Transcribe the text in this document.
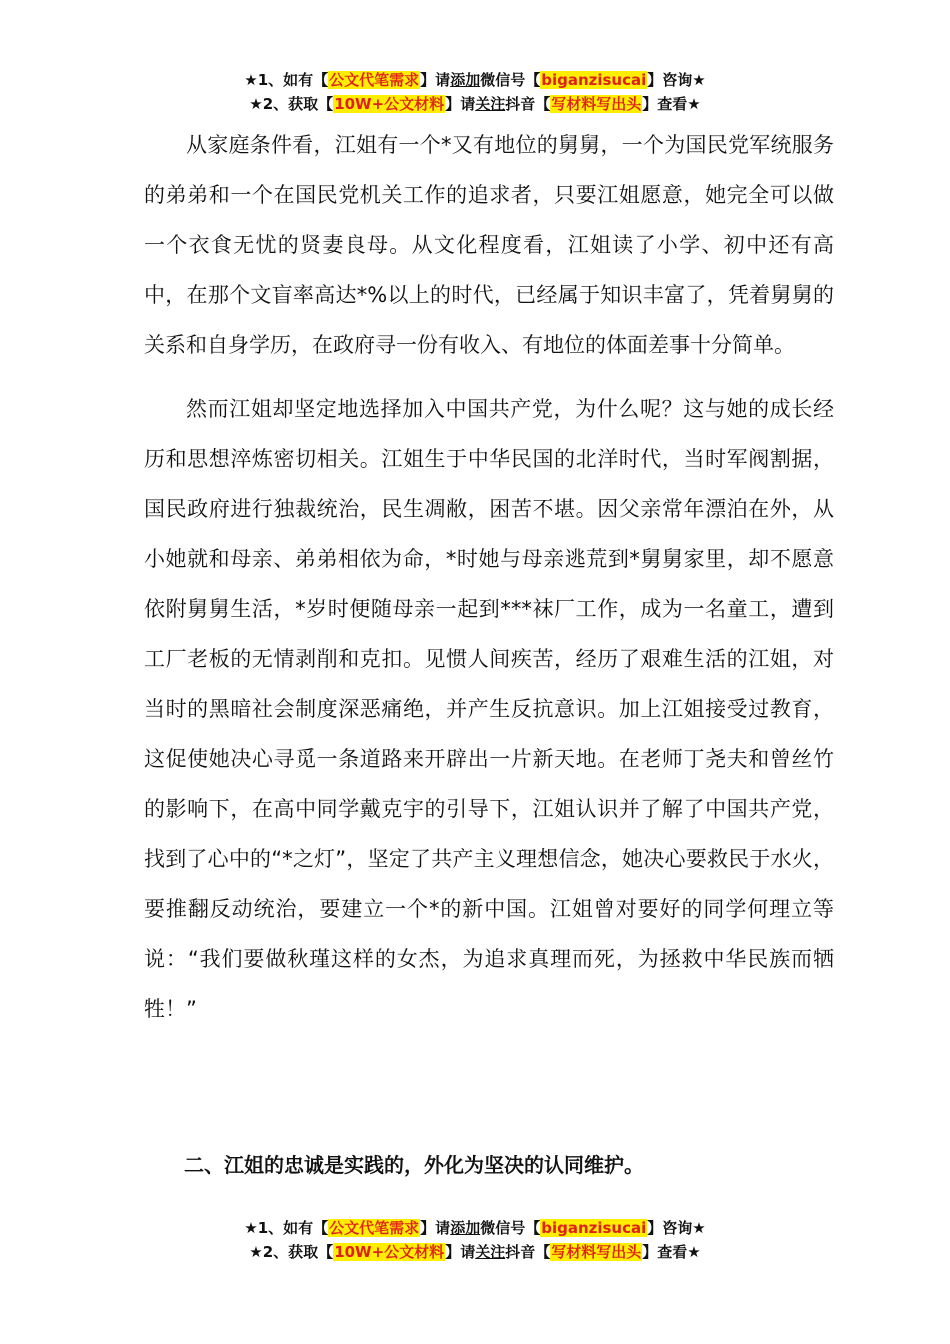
★1、如有【公文代笔需求】请添加微信号【biganzisucai】咨询★
★2、获取【10W+公文材料】请关注抖音【写材料写出头】查看★

从家庭条件看，江姐有一个*又有地位的舅舅，一个为国民党军统服务的弟弟和一个在国民党机关工作的追求者，只要江姐愿意，她完全可以做一个衣食无忧的贤妻良母。从文化程度看，江姐读了小学、初中还有高中，在那个文盲率高达*%以上的时代，已经属于知识丰富了，凭着舅舅的关系和自身学历，在政府寻一份有收入、有地位的体面差事十分简单。

然而江姐却坚定地选择加入中国共产党，为什么呢？这与她的成长经历和思想淬炼密切相关。江姐生于中华民国的北洋时代，当时军阀割据，国民政府进行独裁统治，民生凋敝，困苦不堪。因父亲常年漂泊在外，从小她就和母亲、弟弟相依为命，*时她与母亲逃荒到*舅舅家里，却不愿意依附舅舅生活，*岁时便随母亲一起到***袜厂工作，成为一名童工，遭到工厂老板的无情剥削和克扣。见惯人间疾苦，经历了艰难生活的江姐，对当时的黑暗社会制度深恶痛绝，并产生反抗意识。加上江姐接受过教育，这促使她决心寻觅一条道路来开辟出一片新天地。在老师丁尧夫和曾丝竹的影响下，在高中同学戴克宇的引导下，江姐认识并了解了中国共产党，找到了心中的“*之灯”，坚定了共产主义理想信念，她决心要救民于水火，要推翻反动统治，要建立一个*的新中国。江姐曾对要好的同学何理立等说：“我们要做秋瑾这样的女杰，为追求真理而死，为拯救中华民族而牺牲！”

二、江姐的忠诚是实践的，外化为坚决的认同维护。
★1、如有【公文代笔需求】请添加微信号【biganzisucai】咨询★
★2、获取【10W+公文材料】请关注抖音【写材料写出头】查看★
